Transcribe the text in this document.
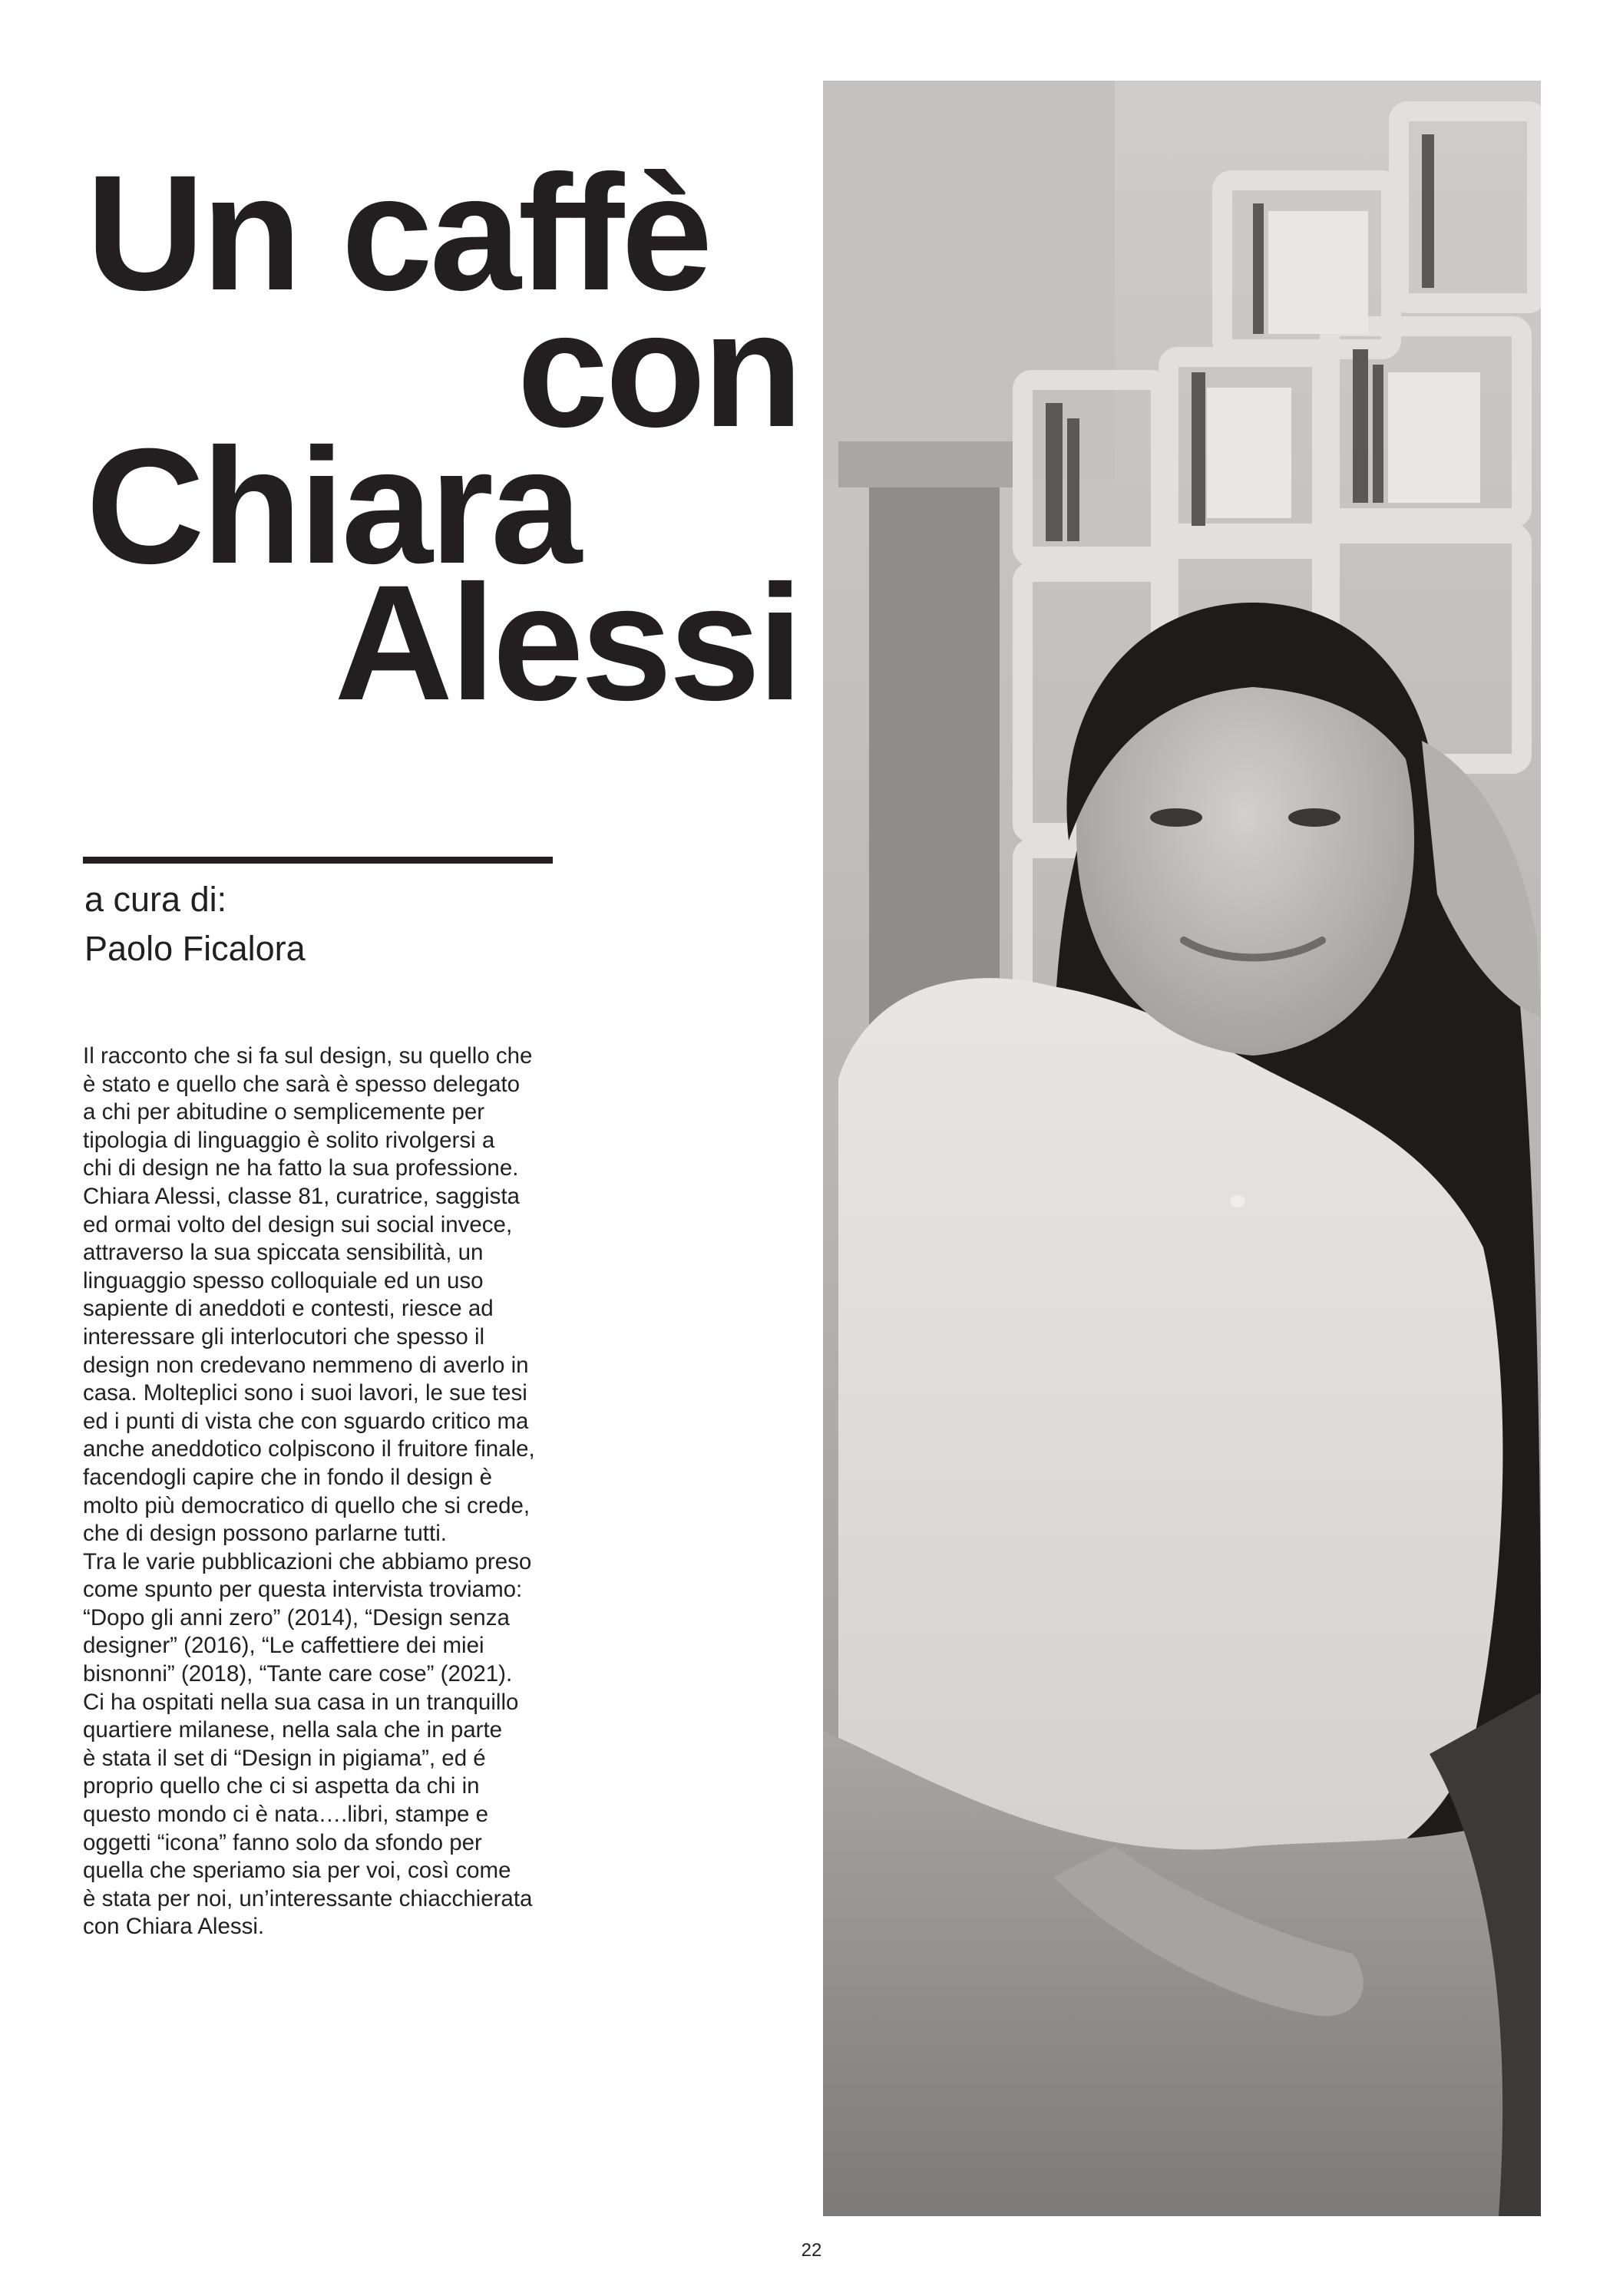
Un caffè
con
Chiara
Alessi
a cura di:
Paolo Ficalora

Il racconto che si fa sul design, su quello che
è stato e quello che sarà è spesso delegato
a chi per abitudine o semplicemente per
tipologia di linguaggio è solito rivolgersi a
chi di design ne ha fatto la sua professione.
Chiara Alessi, classe 81, curatrice, saggista
ed ormai volto del design sui social invece,
attraverso la sua spiccata sensibilità, un
linguaggio spesso colloquiale ed un uso
sapiente di aneddoti e contesti, riesce ad
interessare gli interlocutori che spesso il
design non credevano nemmeno di averlo in
casa. Molteplici sono i suoi lavori, le sue tesi
ed i punti di vista che con sguardo critico ma
anche aneddotico colpiscono il fruitore finale,
facendogli capire che in fondo il design è
molto più democratico di quello che si crede,
che di design possono parlarne tutti.
Tra le varie pubblicazioni che abbiamo preso
come spunto per questa intervista troviamo:
“Dopo gli anni zero” (2014), “Design senza
designer” (2016), “Le caffettiere dei miei
bisnonni” (2018), “Tante care cose” (2021).
Ci ha ospitati nella sua casa in un tranquillo
quartiere milanese, nella sala che in parte
è stata il set di “Design in pigiama”, ed é
proprio quello che ci si aspetta da chi in
questo mondo ci è nata….libri, stampe e
oggetti “icona” fanno solo da sfondo per
quella che speriamo sia per voi, così come
è stata per noi, un’interessante chiacchierata
con Chiara Alessi.

22
